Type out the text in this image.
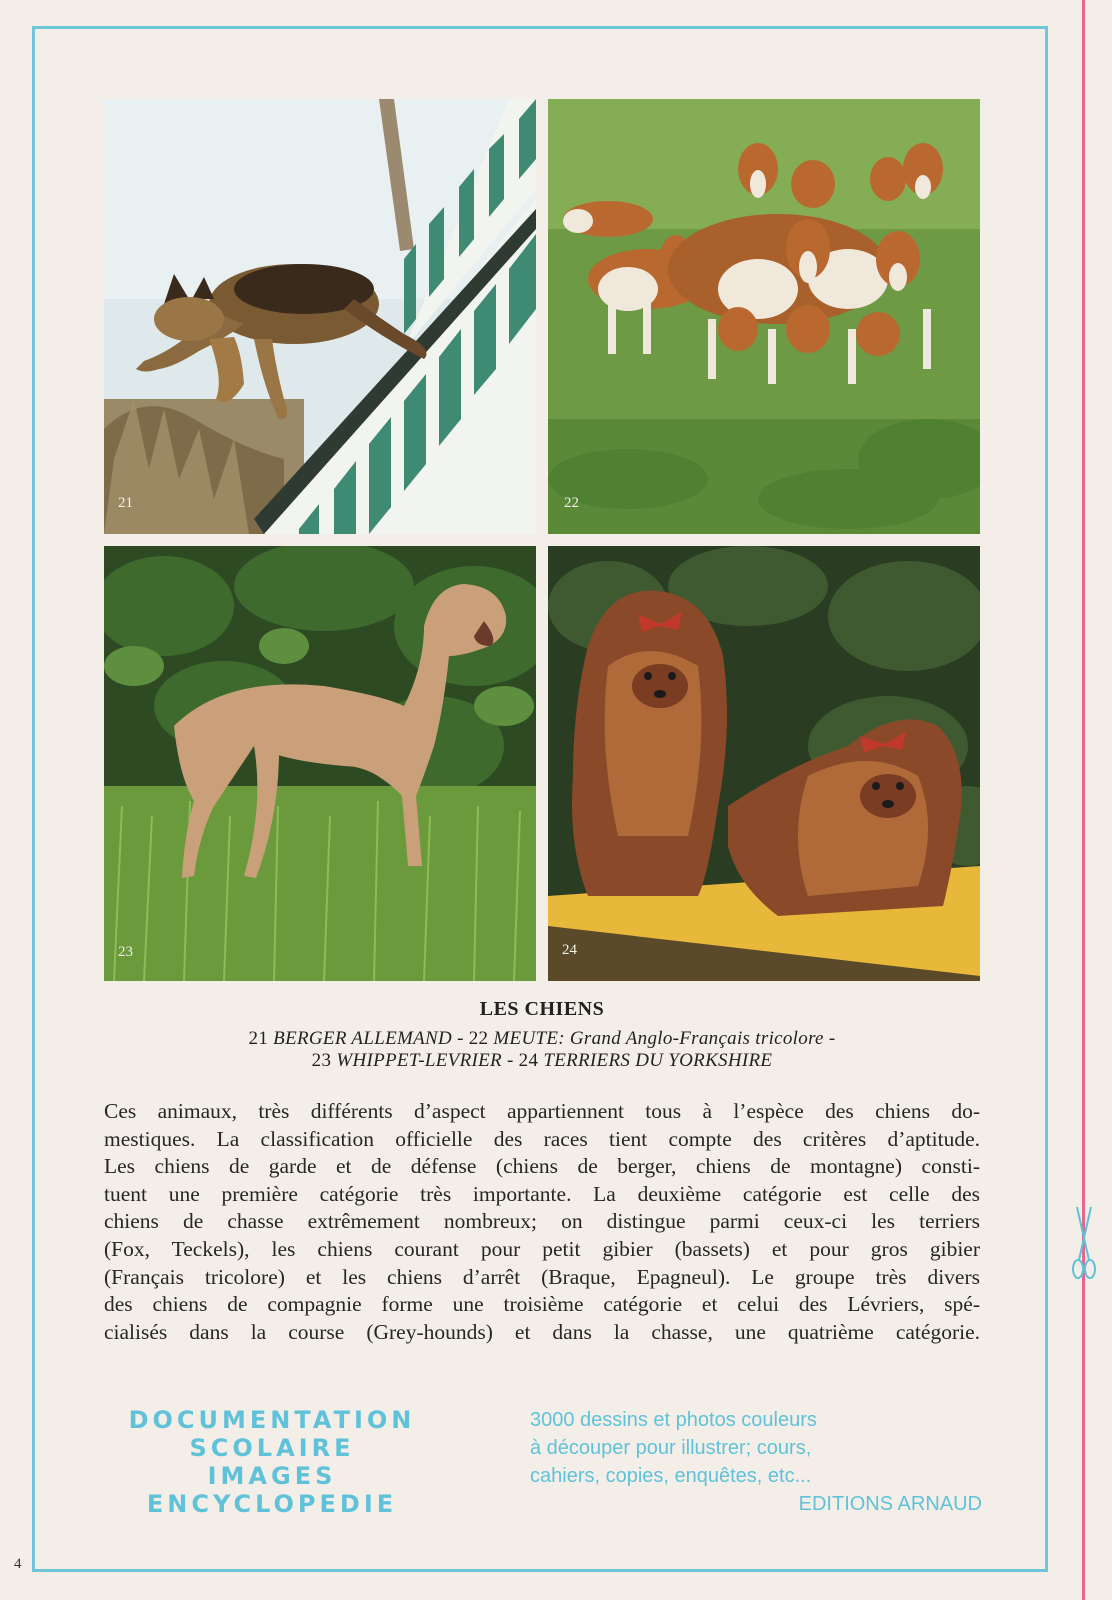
21	22
23	24
LES CHIENS
21 BERGER ALLEMAND - 22 MEUTE: Grand Anglo-Français tricolore -
23 WHIPPET-LEVRIER - 24 TERRIERS DU YORKSHIRE
Ces animaux, très différents d’aspect appartiennent tous à l’espèce des chiens do-
mestiques. La classification officielle des races tient compte des critères d’aptitude.
Les chiens de garde et de défense (chiens de berger, chiens de montagne) consti-
tuent une première catégorie très importante. La deuxième catégorie est celle des
chiens de chasse extrêmement nombreux; on distingue parmi ceux-ci les terriers
(Fox, Teckels), les chiens courant pour petit gibier (bassets) et pour gros gibier
(Français tricolore) et les chiens d’arrêt (Braque, Epagneul). Le groupe très divers
des chiens de compagnie forme une troisième catégorie et celui des Lévriers, spé-
cialisés dans la course (Grey-hounds) et dans la chasse, une quatrième catégorie.
DOCUMENTATION
SCOLAIRE
IMAGES
ENCYCLOPEDIE
3000 dessins et photos couleurs
à découper pour illustrer; cours,
cahiers, copies, enquêtes, etc...
EDITIONS ARNAUD
4
